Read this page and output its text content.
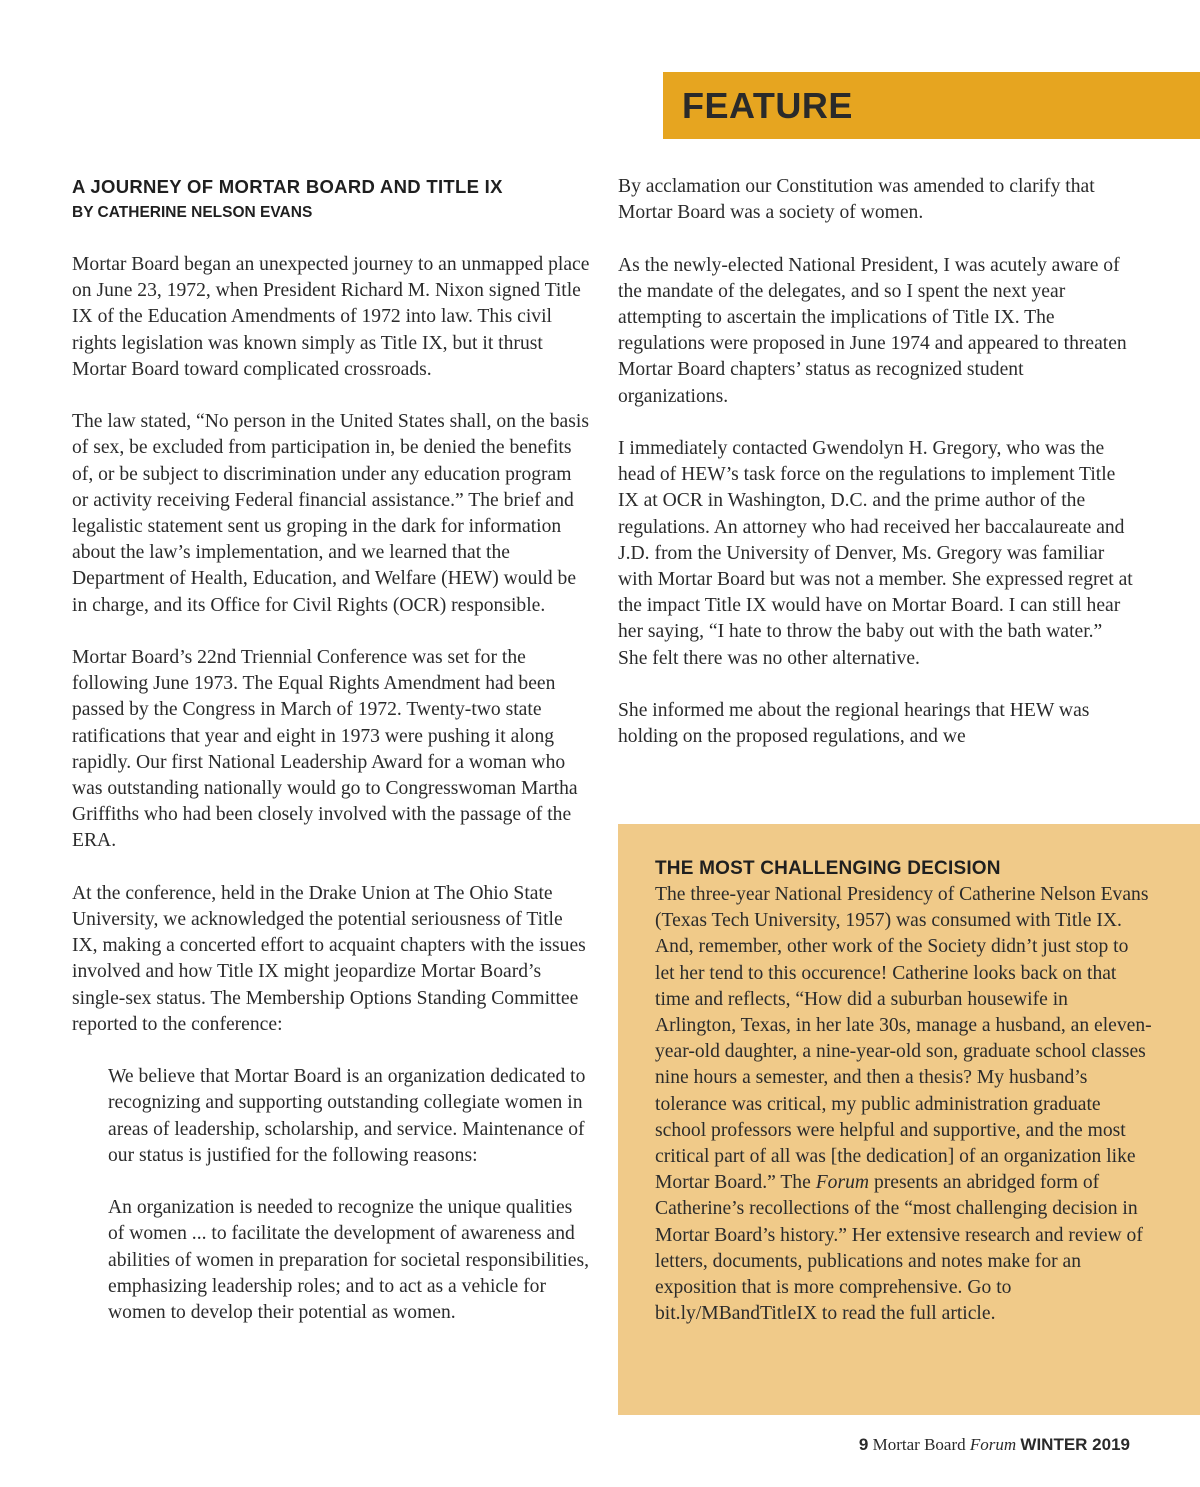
FEATURE
A JOURNEY OF MORTAR BOARD AND TITLE IX
BY CATHERINE NELSON EVANS

Mortar Board began an unexpected journey to an unmapped place on June 23, 1972, when President Richard M. Nixon signed Title IX of the Education Amendments of 1972 into law. This civil rights legislation was known simply as Title IX, but it thrust Mortar Board toward complicated crossroads.

The law stated, “No person in the United States shall, on the basis of sex, be excluded from participation in, be denied the benefits of, or be subject to discrimination under any education program or activity receiving Federal financial assistance.” The brief and legalistic statement sent us groping in the dark for information about the law’s implementation, and we learned that the Department of Health, Education, and Welfare (HEW) would be in charge, and its Office for Civil Rights (OCR) responsible.

Mortar Board’s 22nd Triennial Conference was set for the following June 1973. The Equal Rights Amendment had been passed by the Congress in March of 1972. Twenty-two state ratifications that year and eight in 1973 were pushing it along rapidly. Our first National Leadership Award for a woman who was outstanding nationally would go to Congresswoman Martha Griffiths who had been closely involved with the passage of the ERA.

At the conference, held in the Drake Union at The Ohio State University, we acknowledged the potential seriousness of Title IX, making a concerted effort to acquaint chapters with the issues involved and how Title IX might jeopardize Mortar Board’s single-sex status. The Membership Options Standing Committee reported to the conference:

We believe that Mortar Board is an organization dedicated to recognizing and supporting outstanding collegiate women in areas of leadership, scholarship, and service. Maintenance of our status is justified for the following reasons:

An organization is needed to recognize the unique qualities of women ... to facilitate the development of awareness and abilities of women in preparation for societal responsibilities, emphasizing leadership roles; and to act as a vehicle for women to develop their potential as women.

By acclamation our Constitution was amended to clarify that Mortar Board was a society of women.

As the newly-elected National President, I was acutely aware of the mandate of the delegates, and so I spent the next year attempting to ascertain the implications of Title IX. The regulations were proposed in June 1974 and appeared to threaten Mortar Board chapters’ status as recognized student organizations.

I immediately contacted Gwendolyn H. Gregory, who was the head of HEW’s task force on the regulations to implement Title IX at OCR in Washington, D.C. and the prime author of the regulations. An attorney who had received her baccalaureate and J.D. from the University of Denver, Ms. Gregory was familiar with Mortar Board but was not a member. She expressed regret at the impact Title IX would have on Mortar Board. I can still hear her saying, “I hate to throw the baby out with the bath water.” She felt there was no other alternative.

She informed me about the regional hearings that HEW was holding on the proposed regulations, and we

THE MOST CHALLENGING DECISION
The three-year National Presidency of Catherine Nelson Evans (Texas Tech University, 1957) was consumed with Title IX. And, remember, other work of the Society didn’t just stop to let her tend to this occurence! Catherine looks back on that time and reflects, “How did a suburban housewife in Arlington, Texas, in her late 30s, manage a husband, an eleven-year-old daughter, a nine-year-old son, graduate school classes nine hours a semester, and then a thesis? My husband’s tolerance was critical, my public administration graduate school professors were helpful and supportive, and the most critical part of all was [the dedication] of an organization like Mortar Board.” The Forum presents an abridged form of Catherine’s recollections of the “most challenging decision in Mortar Board’s history.” Her extensive research and review of letters, documents, publications and notes make for an exposition that is more comprehensive. Go to bit.ly/MBandTitleIX to read the full article.
9 Mortar Board Forum WINTER 2019
